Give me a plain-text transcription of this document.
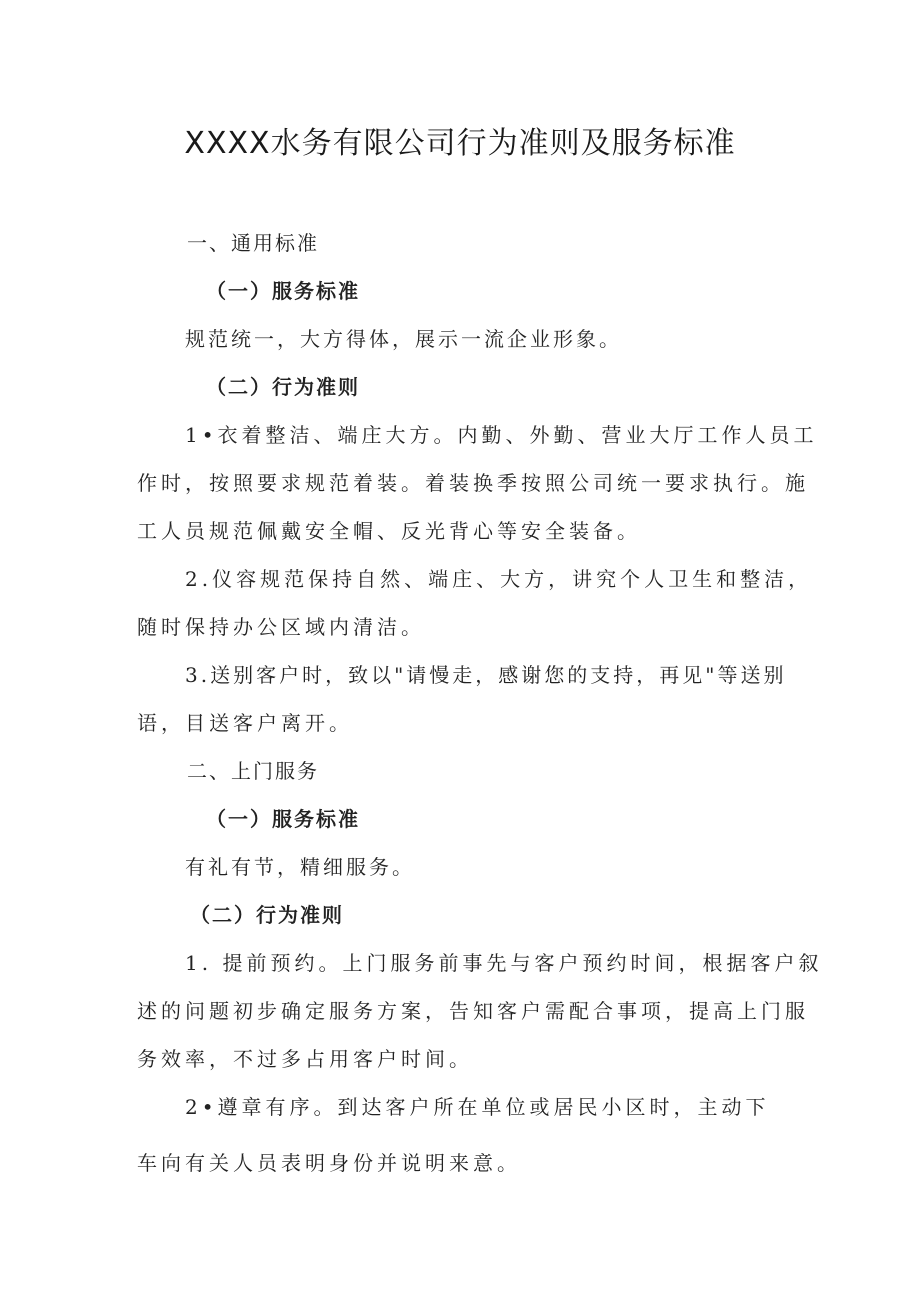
XXXX水务有限公司行为准则及服务标准
一、通用标准
（一）服务标准
规范统一，大方得体，展示一流企业形象。
（二）行为准则
1•衣着整洁、端庄大方。内勤、外勤、营业大厅工作人员工
作时，按照要求规范着装。着装换季按照公司统一要求执行。施
工人员规范佩戴安全帽、反光背心等安全装备。
2.仪容规范保持自然、端庄、大方，讲究个人卫生和整洁，
随时保持办公区域内清洁。
3.送别客户时，致以"请慢走，感谢您的支持，再见"等送别
语，目送客户离开。
二、上门服务
（一）服务标准
有礼有节，精细服务。
（二）行为准则
1. 提前预约。上门服务前事先与客户预约时间，根据客户叙
述的问题初步确定服务方案，告知客户需配合事项，提高上门服
务效率，不过多占用客户时间。
2•遵章有序。到达客户所在单位或居民小区时，主动下
车向有关人员表明身份并说明来意。
